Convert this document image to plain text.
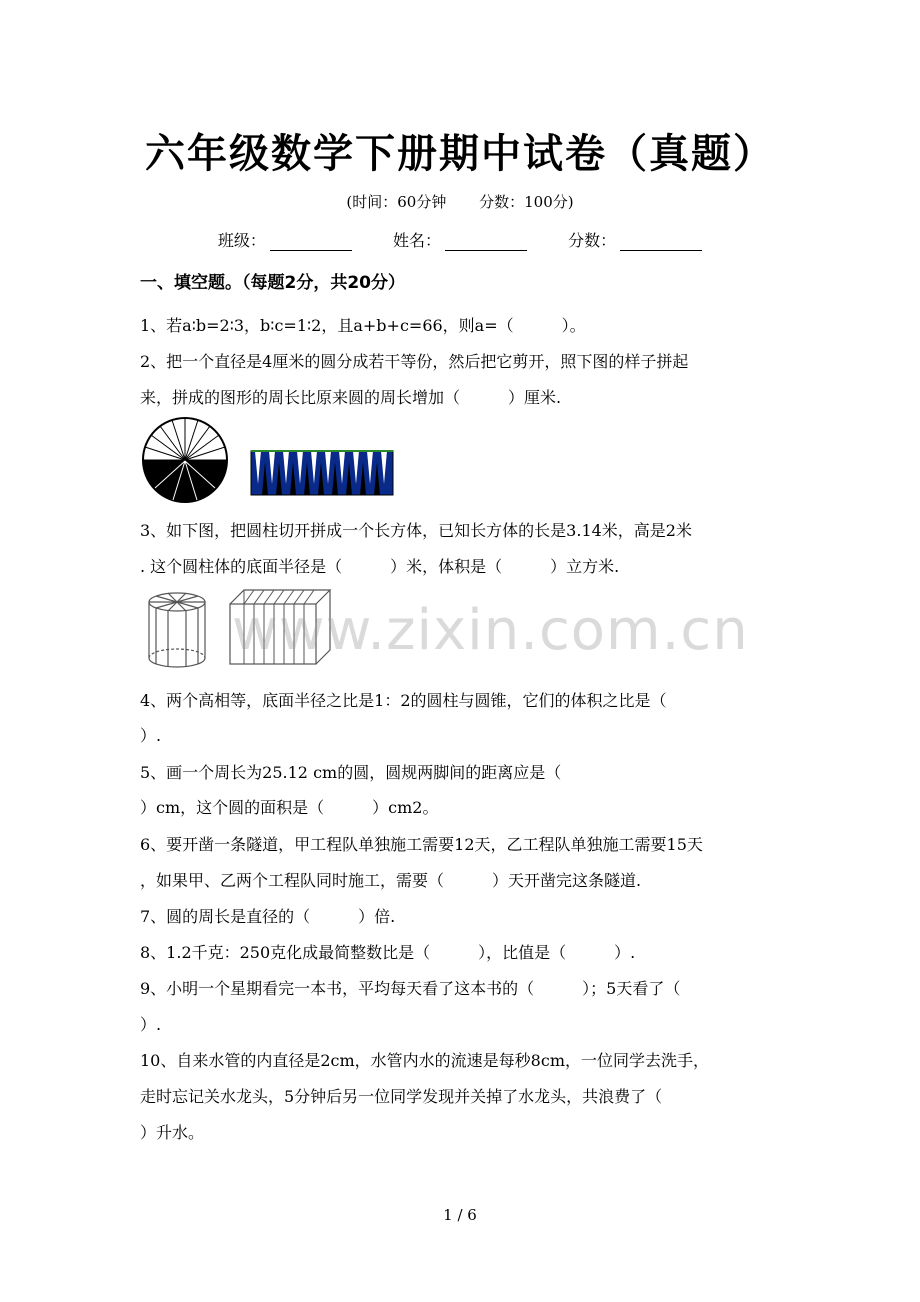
六年级数学下册期中试卷（真题）
(时间：60分钟 分数：100分)
班级：	姓名：	分数：
一、填空题。（每题2分，共20分）
1、若a∶b=2∶3，b∶c=1∶2，且a+b+c=66，则a=（　　　）。
2、把一个直径是4厘米的圆分成若干等份，然后把它剪开，照下图的样子拼起
来，拼成的图形的周长比原来圆的周长增加（　　　）厘米.
3、如下图，把圆柱切开拼成一个长方体，已知长方体的长是3.14米，高是2米
. 这个圆柱体的底面半径是（　　　）米，体积是（　　　）立方米.
www.zixin.com.cn
4、两个高相等，底面半径之比是1：2的圆柱与圆锥，它们的体积之比是（
）.
5、画一个周长为25.12 cm的圆，圆规两脚间的距离应是（
）cm，这个圆的面积是（　　　）cm2。
6、要开凿一条隧道，甲工程队单独施工需要12天，乙工程队单独施工需要15天
，如果甲、乙两个工程队同时施工，需要（　　　）天开凿完这条隧道.
7、圆的周长是直径的（　　　）倍.
8、1.2千克：250克化成最简整数比是（　　　），比值是（　　　）.
9、小明一个星期看完一本书，平均每天看了这本书的（　　　）；5天看了（
）.
10、自来水管的内直径是2cm，水管内水的流速是每秒8cm，一位同学去洗手，
走时忘记关水龙头，5分钟后另一位同学发现并关掉了水龙头，共浪费了（
）升水。
1 / 6
